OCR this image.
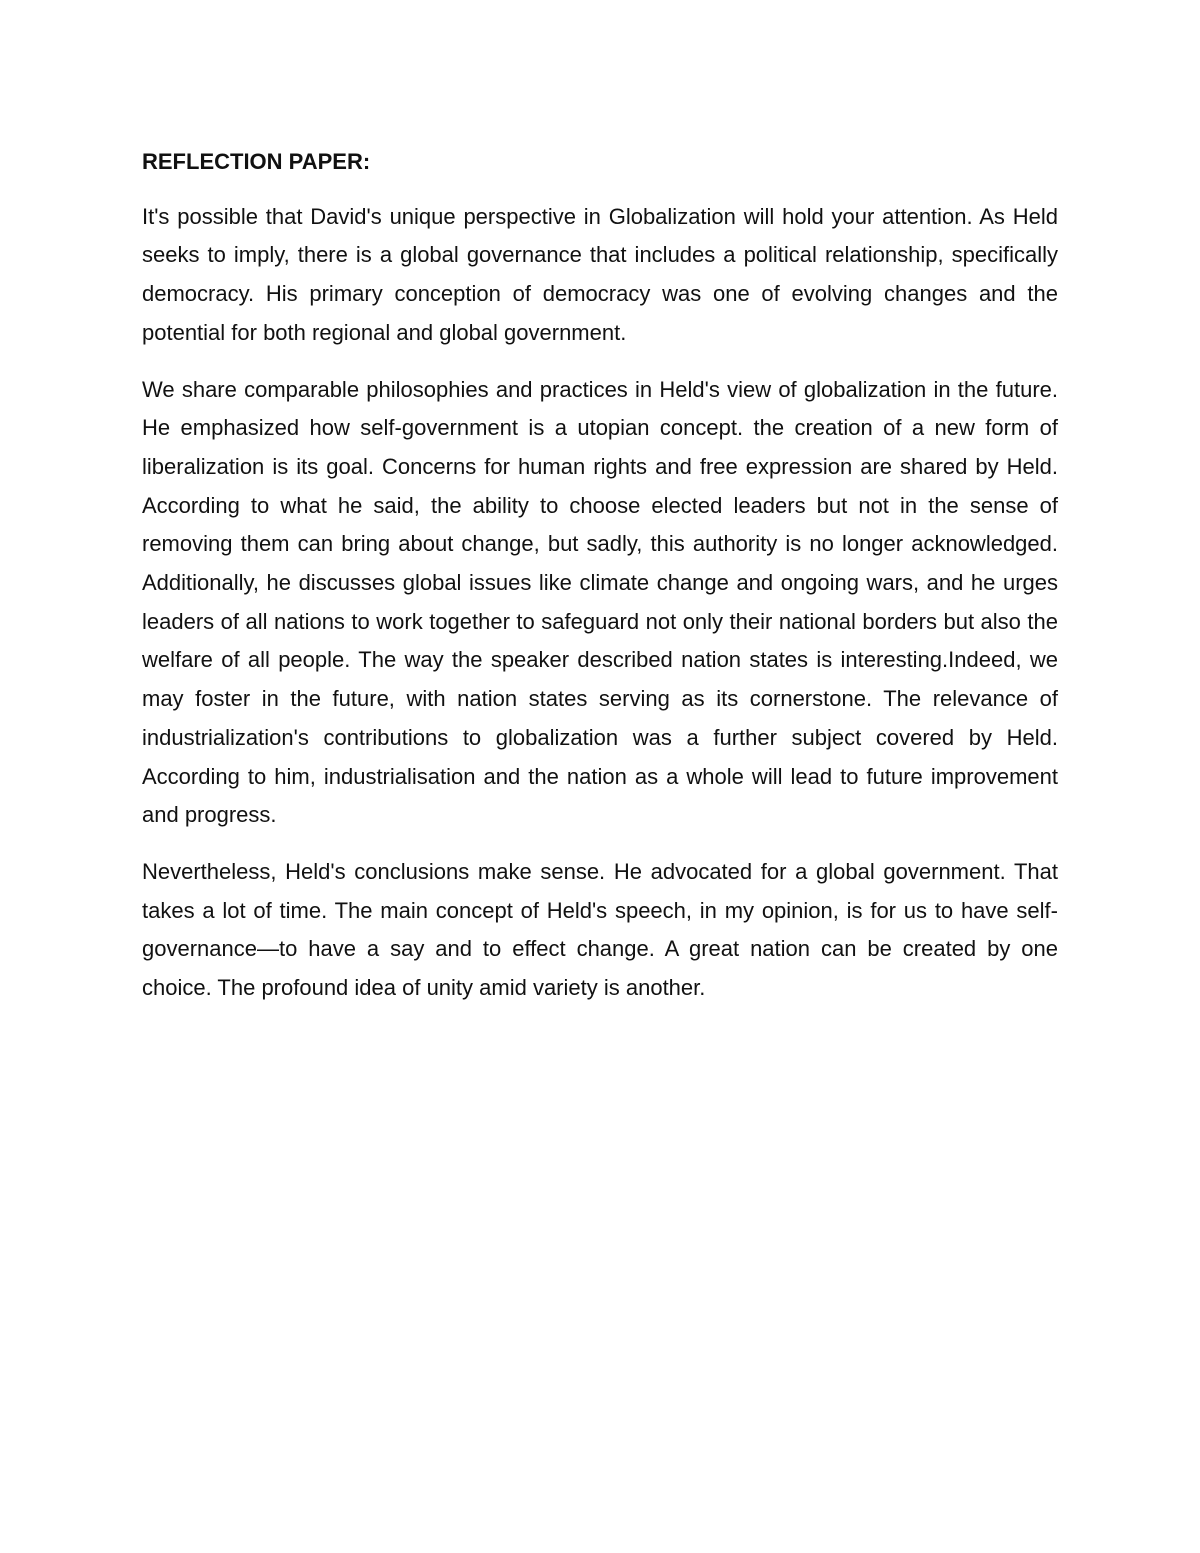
REFLECTION PAPER:

It's possible that David's unique perspective in Globalization will hold your attention. As Held seeks to imply, there is a global governance that includes a political relationship, specifically democracy. His primary conception of democracy was one of evolving changes and the potential for both regional and global government.

We share comparable philosophies and practices in Held's view of globalization in the future. He emphasized how self-government is a utopian concept. the creation of a new form of liberalization is its goal. Concerns for human rights and free expression are shared by Held. According to what he said, the ability to choose elected leaders but not in the sense of removing them can bring about change, but sadly, this authority is no longer acknowledged. Additionally, he discusses global issues like climate change and ongoing wars, and he urges leaders of all nations to work together to safeguard not only their national borders but also the welfare of all people. The way the speaker described nation states is interesting.Indeed, we may foster in the future, with nation states serving as its cornerstone. The relevance of industrialization's contributions to globalization was a further subject covered by Held. According to him, industrialisation and the nation as a whole will lead to future improvement and progress.

Nevertheless, Held's conclusions make sense. He advocated for a global government. That takes a lot of time. The main concept of Held's speech, in my opinion, is for us to have self-governance—to have a say and to effect change. A great nation can be created by one choice. The profound idea of unity amid variety is another.
